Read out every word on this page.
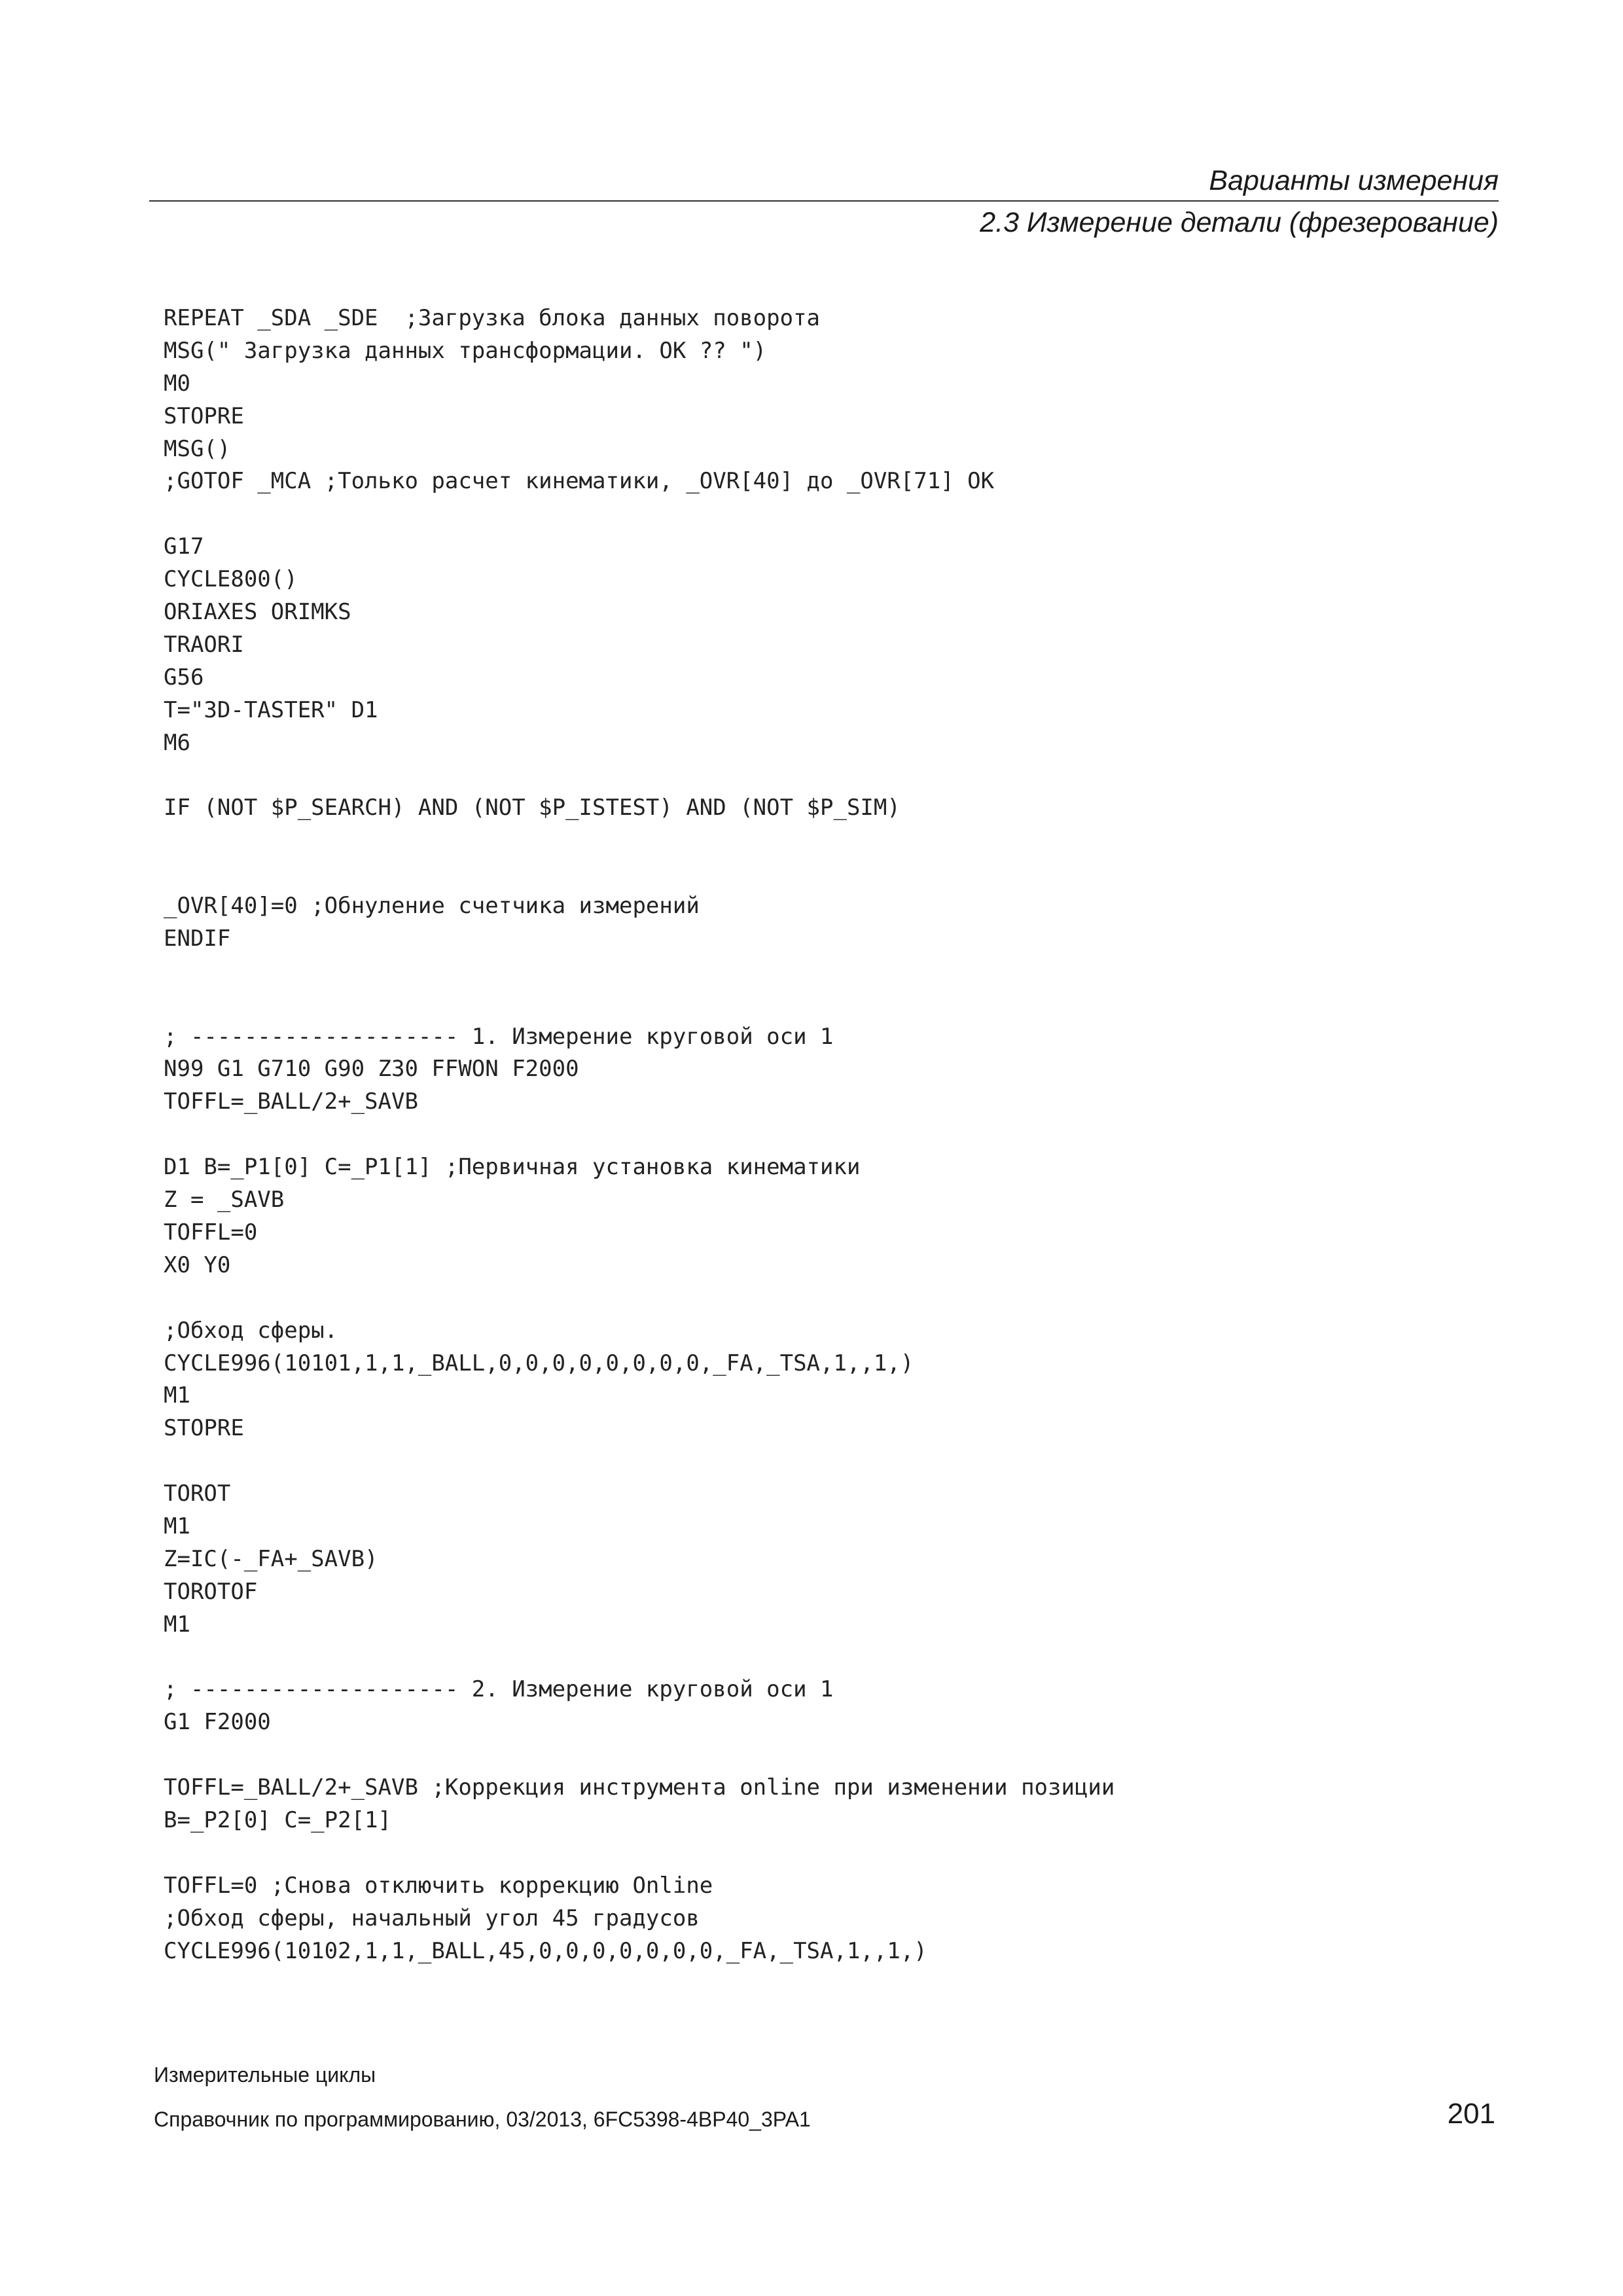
Варианты измерения
2.3 Измерение детали (фрезерование)
REPEAT _SDA _SDE  ;Загрузка блока данных поворота
MSG(" Загрузка данных трансформации. OK ?? ")
M0
STOPRE
MSG()
;GOTOF _MCA ;Только расчет кинематики, _OVR[40] до _OVR[71] OK
G17
CYCLE800()
ORIAXES ORIMKS
TRAORI
G56
T="3D-TASTER" D1
M6
IF (NOT $P_SEARCH) AND (NOT $P_ISTEST) AND (NOT $P_SIM)
_OVR[40]=0 ;Обнуление счетчика измерений
ENDIF
; -------------------- 1. Измерение круговой оси 1
N99 G1 G710 G90 Z30 FFWON F2000
TOFFL=_BALL/2+_SAVB
D1 B=_P1[0] C=_P1[1] ;Первичная установка кинематики
Z = _SAVB
TOFFL=0
X0 Y0
;Обход сферы.
CYCLE996(10101,1,1,_BALL,0,0,0,0,0,0,0,0,_FA,_TSA,1,,1,)
M1
STOPRE
TOROT
M1
Z=IC(-_FA+_SAVB)
TOROTOF
M1
; -------------------- 2. Измерение круговой оси 1
G1 F2000
TOFFL=_BALL/2+_SAVB ;Коррекция инструмента online при изменении позиции
B=_P2[0] C=_P2[1]
TOFFL=0 ;Снова отключить коррекцию Online
;Обход сферы, начальный угол 45 градусов
CYCLE996(10102,1,1,_BALL,45,0,0,0,0,0,0,0,_FA,_TSA,1,,1,)
Измерительные циклы
Справочник по программированию, 03/2013, 6FC5398-4BP40_3PA1	201
